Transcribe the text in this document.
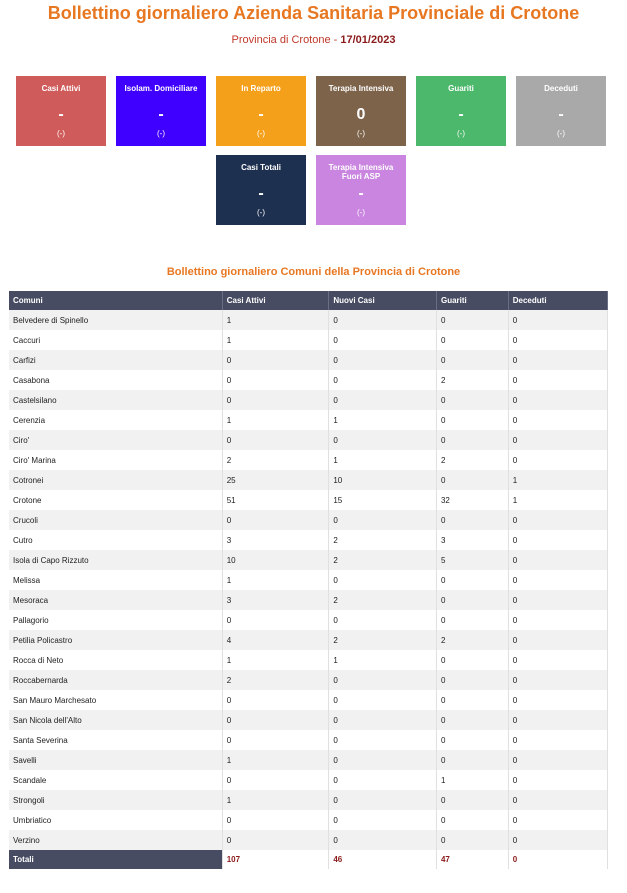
Bollettino giornaliero Azienda Sanitaria Provinciale di Crotone
Provincia di Crotone - 17/01/2023
Casi Attivi
-
(-)
Isolam. Domiciliare
-
(-)
In Reparto
-
(-)
Terapia Intensiva
0
(-)
Guariti
-
(-)
Deceduti
-
(-)
Casi Totali
-
(-)
Terapia Intensiva Fuori ASP
-
(-)
Bollettino giornaliero Comuni della Provincia di Crotone
Comuni	Casi Attivi	Nuovi Casi	Guariti	Deceduti
Belvedere di Spinello	1	0	0	0
Caccuri	1	0	0	0
Carfizi	0	0	0	0
Casabona	0	0	2	0
Castelsilano	0	0	0	0
Cerenzia	1	1	0	0
Ciro'	0	0	0	0
Ciro' Marina	2	1	2	0
Cotronei	25	10	0	1
Crotone	51	15	32	1
Crucoli	0	0	0	0
Cutro	3	2	3	0
Isola di Capo Rizzuto	10	2	5	0
Melissa	1	0	0	0
Mesoraca	3	2	0	0
Pallagorio	0	0	0	0
Petilia Policastro	4	2	2	0
Rocca di Neto	1	1	0	0
Roccabernarda	2	0	0	0
San Mauro Marchesato	0	0	0	0
San Nicola dell'Alto	0	0	0	0
Santa Severina	0	0	0	0
Savelli	1	0	0	0
Scandale	0	0	1	0
Strongoli	1	0	0	0
Umbriatico	0	0	0	0
Verzino	0	0	0	0
Totali	107	46	47	0
